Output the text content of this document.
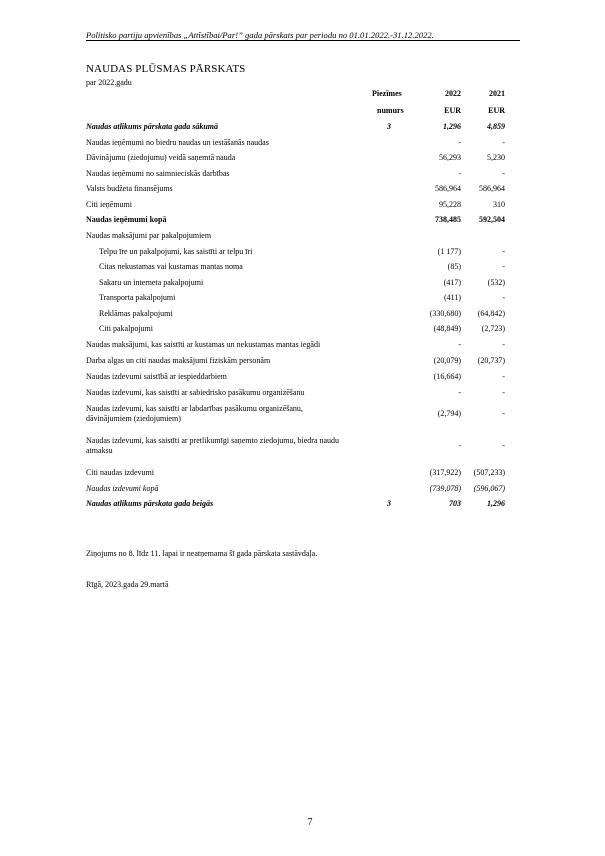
Politisko partiju apvienības „Attīstībai/Par!” gada pārskats par periodu no 01.01.2022.-31.12.2022.
NAUDAS PLŪSMAS PĀRSKATS
par 2022.gadu
Piezīmes
numurs
2022	2021
EUR	EUR
Naudas atlikums pārskata gada sākumā	3	1,296	4,859
Naudas ieņēmumi no biedru naudas un iestāšanās naudas	-	-
Dāvinājumu (ziedojumu) veidā saņemtā nauda	56,293	5,230
Naudas ieņēmumi no saimnieciskās darbības	-	-
Valsts budžeta finansējums	586,964 586,964
Citi ieņēmumi	95,228	310
Naudas ieņēmumi kopā	738,485 592,504
Naudas maksājumi par pakalpojumiem
Telpu īre un pakalpojumi, kas saistīti ar telpu īri	(1 177)	-
Citas nekustamas vai kustamas mantas noma	(85)	-
Sakaru un interneta pakalpojumi	(417)	(532)
Transporta pakalpojumi	(411)	-
Reklāmas pakalpojumi	(330,680) (64,842)
Citi pakalpojumi	(48,849)	(2,723)
Naudas maksājumi, kas saistīti ar kustamas un nekustamas mantas iegādi	-	-
Darba algas un citi naudas maksājumi fiziskām personām	(20,079) (20,737)
Naudas izdevumi saistībā ar iespieddarbiem	(16,664)	-
Naudas izdevumi, kas saistīti ar sabiedrisko pasākumu organizēšanu	-	-
Naudas izdevumi, kas saistīti ar labdarības pasākumu organizēšanu, dāvinājumiem (ziedojumiem)
(2,794)	-
Naudas izdevumi, kas saistīti ar pretlikumīgi saņemto ziedojumu, biedra naudu atmaksu
-	-
Citi naudas izdevumi	(317,922) (507,233)
Naudas izdevumi kopā	(739,078) (596,067)
Naudas atlikums pārskata gada beigās	3	703	1,296
Ziņojums no 8. līdz 11. lapai ir neatņemama šī gada pārskata sastāvdaļa.
Rīgā, 2023.gada 29.martā
7
